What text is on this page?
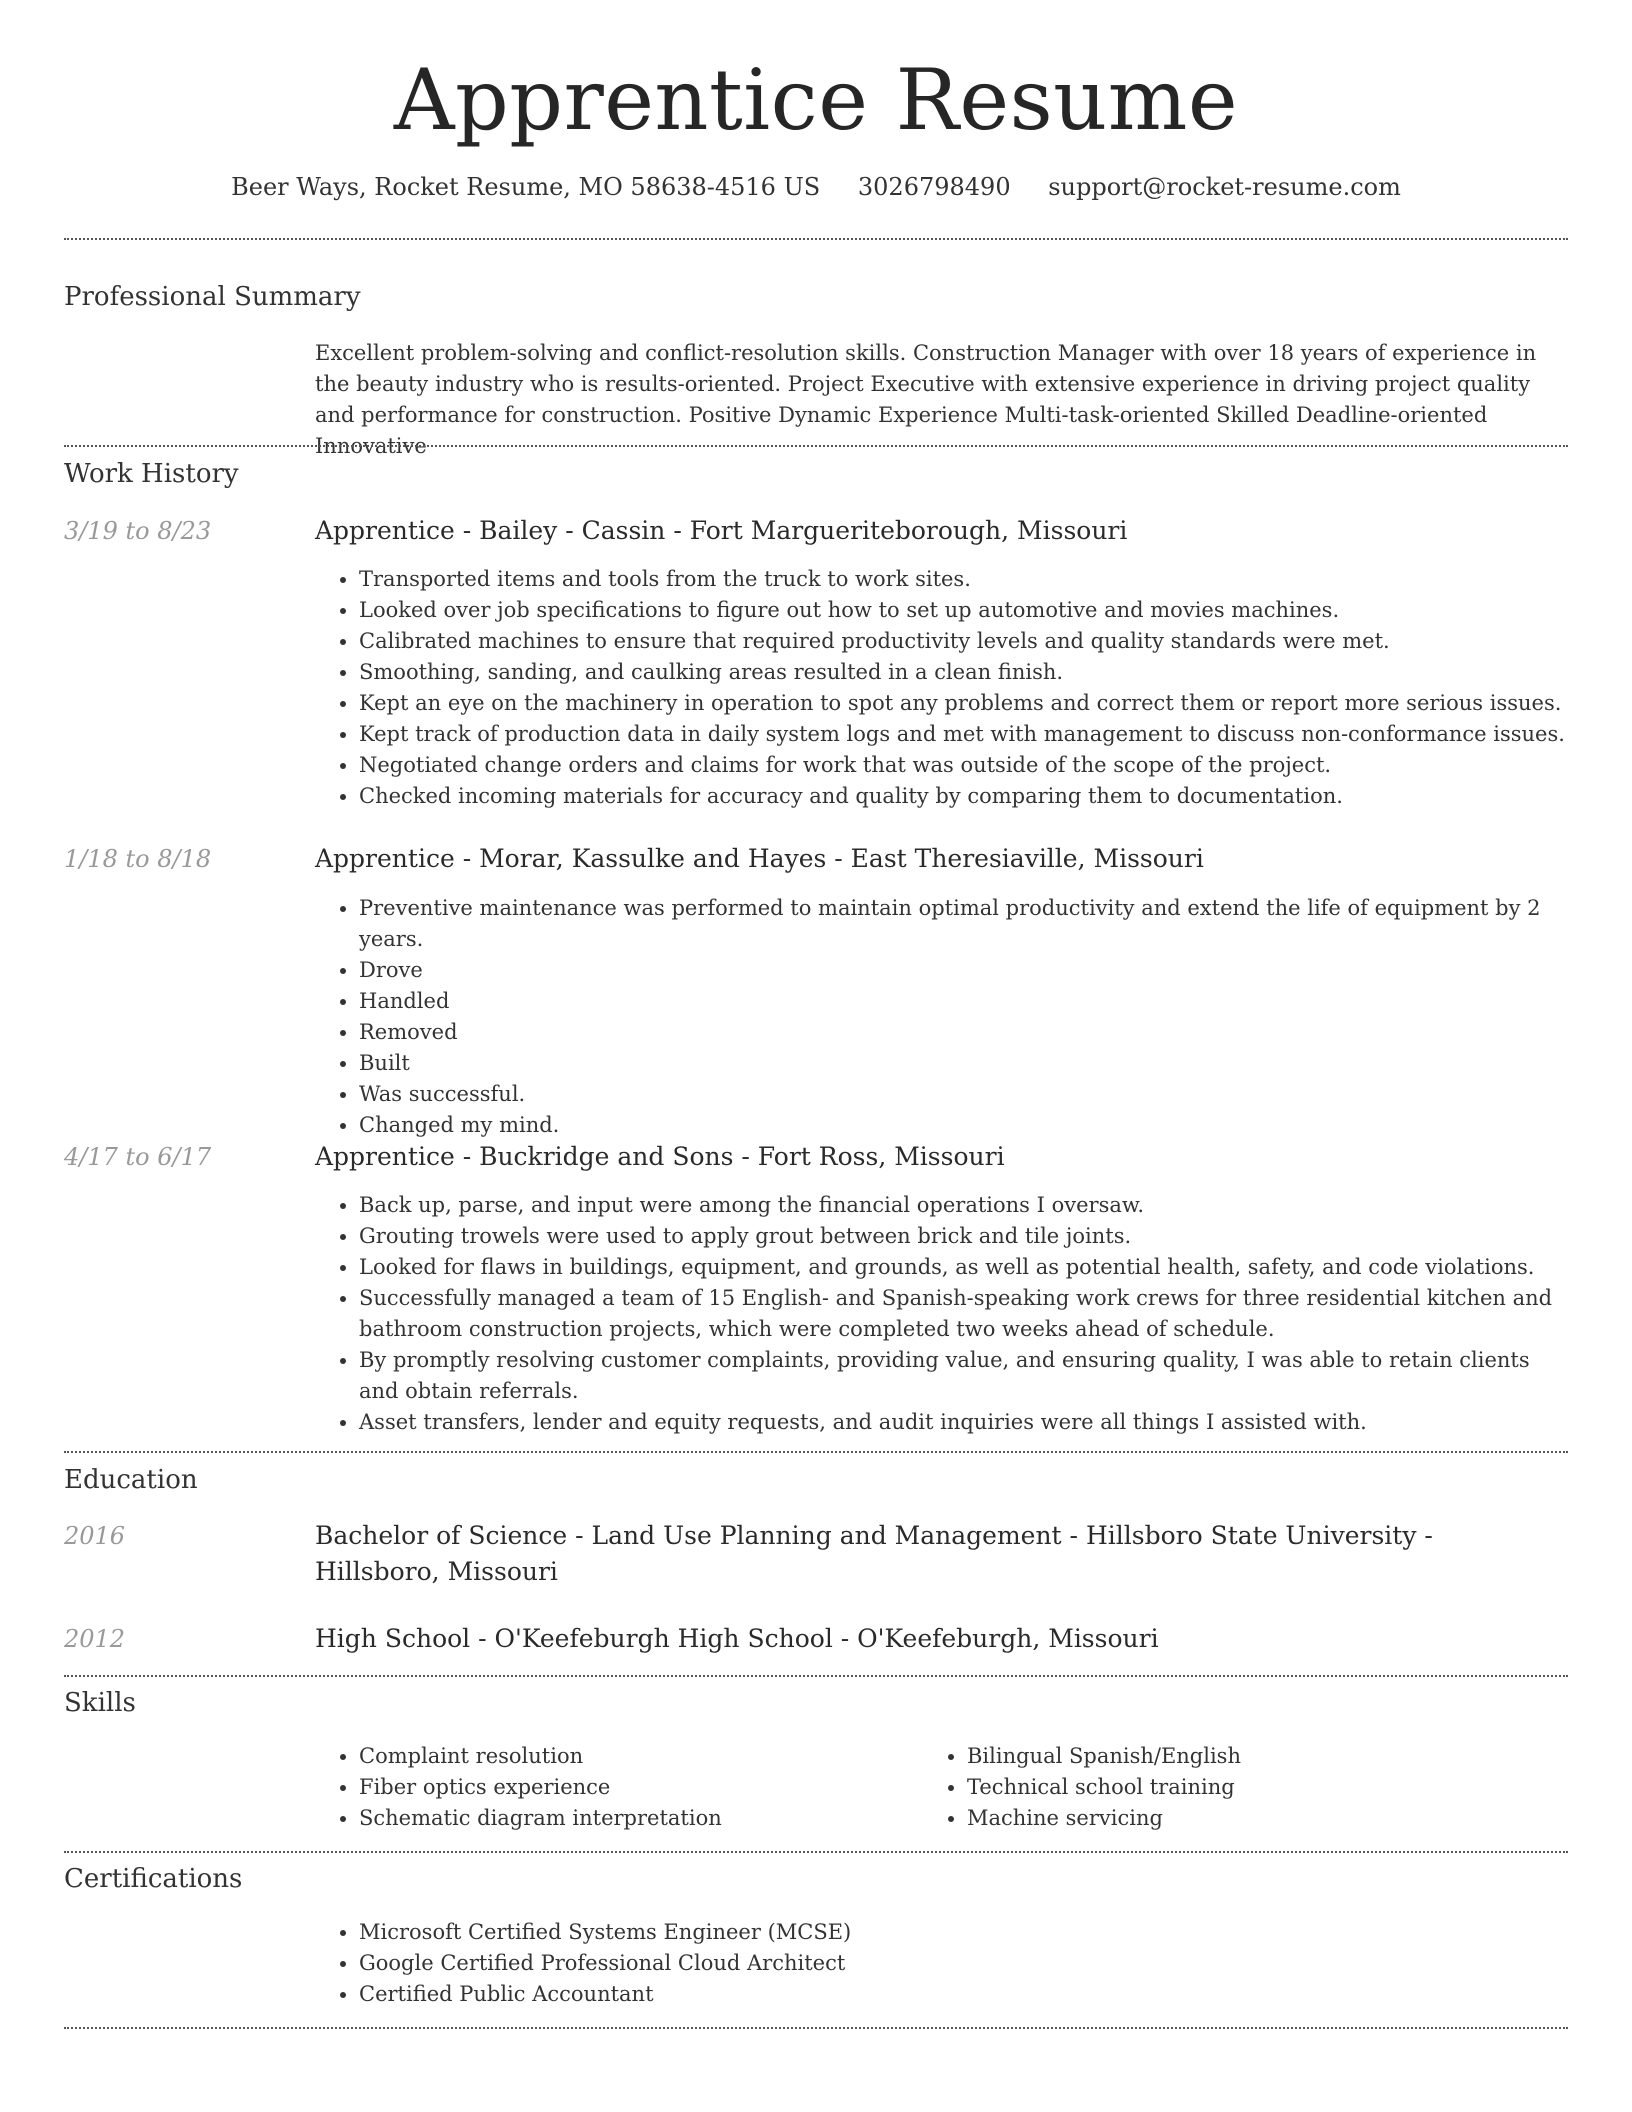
Apprentice Resume
Beer Ways, Rocket Resume, MO 58638-4516 US 3026798490 support@rocket-resume.com
Professional Summary
Excellent problem-solving and conflict-resolution skills. Construction Manager with over 18 years of experience in the beauty industry who is results-oriented. Project Executive with extensive experience in driving project quality and performance for construction. Positive Dynamic Experience Multi-task-oriented Skilled Deadline-oriented Innovative
Work History
3/19 to 8/23	Apprentice - Bailey - Cassin - Fort Margueriteborough, Missouri
• Transported items and tools from the truck to work sites.
• Looked over job specifications to figure out how to set up automotive and movies machines.
• Calibrated machines to ensure that required productivity levels and quality standards were met.
• Smoothing, sanding, and caulking areas resulted in a clean finish.
• Kept an eye on the machinery in operation to spot any problems and correct them or report more serious issues.
• Kept track of production data in daily system logs and met with management to discuss non-conformance issues.
• Negotiated change orders and claims for work that was outside of the scope of the project.
• Checked incoming materials for accuracy and quality by comparing them to documentation.
1/18 to 8/18	Apprentice - Morar, Kassulke and Hayes - East Theresiaville, Missouri
• Preventive maintenance was performed to maintain optimal productivity and extend the life of equipment by 2 years.
• Drove
• Handled
• Removed
• Built
• Was successful.
• Changed my mind.
4/17 to 6/17	Apprentice - Buckridge and Sons - Fort Ross, Missouri
• Back up, parse, and input were among the financial operations I oversaw.
• Grouting trowels were used to apply grout between brick and tile joints.
• Looked for flaws in buildings, equipment, and grounds, as well as potential health, safety, and code violations.
• Successfully managed a team of 15 English- and Spanish-speaking work crews for three residential kitchen and bathroom construction projects, which were completed two weeks ahead of schedule.
• By promptly resolving customer complaints, providing value, and ensuring quality, I was able to retain clients and obtain referrals.
• Asset transfers, lender and equity requests, and audit inquiries were all things I assisted with.
Education
2016	Bachelor of Science - Land Use Planning and Management - Hillsboro State University - Hillsboro, Missouri
2012	High School - O'Keefeburgh High School - O'Keefeburgh, Missouri
Skills
• Complaint resolution
• Fiber optics experience
• Schematic diagram interpretation
• Bilingual Spanish/English
• Technical school training
• Machine servicing
Certifications
• Microsoft Certified Systems Engineer (MCSE)
• Google Certified Professional Cloud Architect
• Certified Public Accountant
